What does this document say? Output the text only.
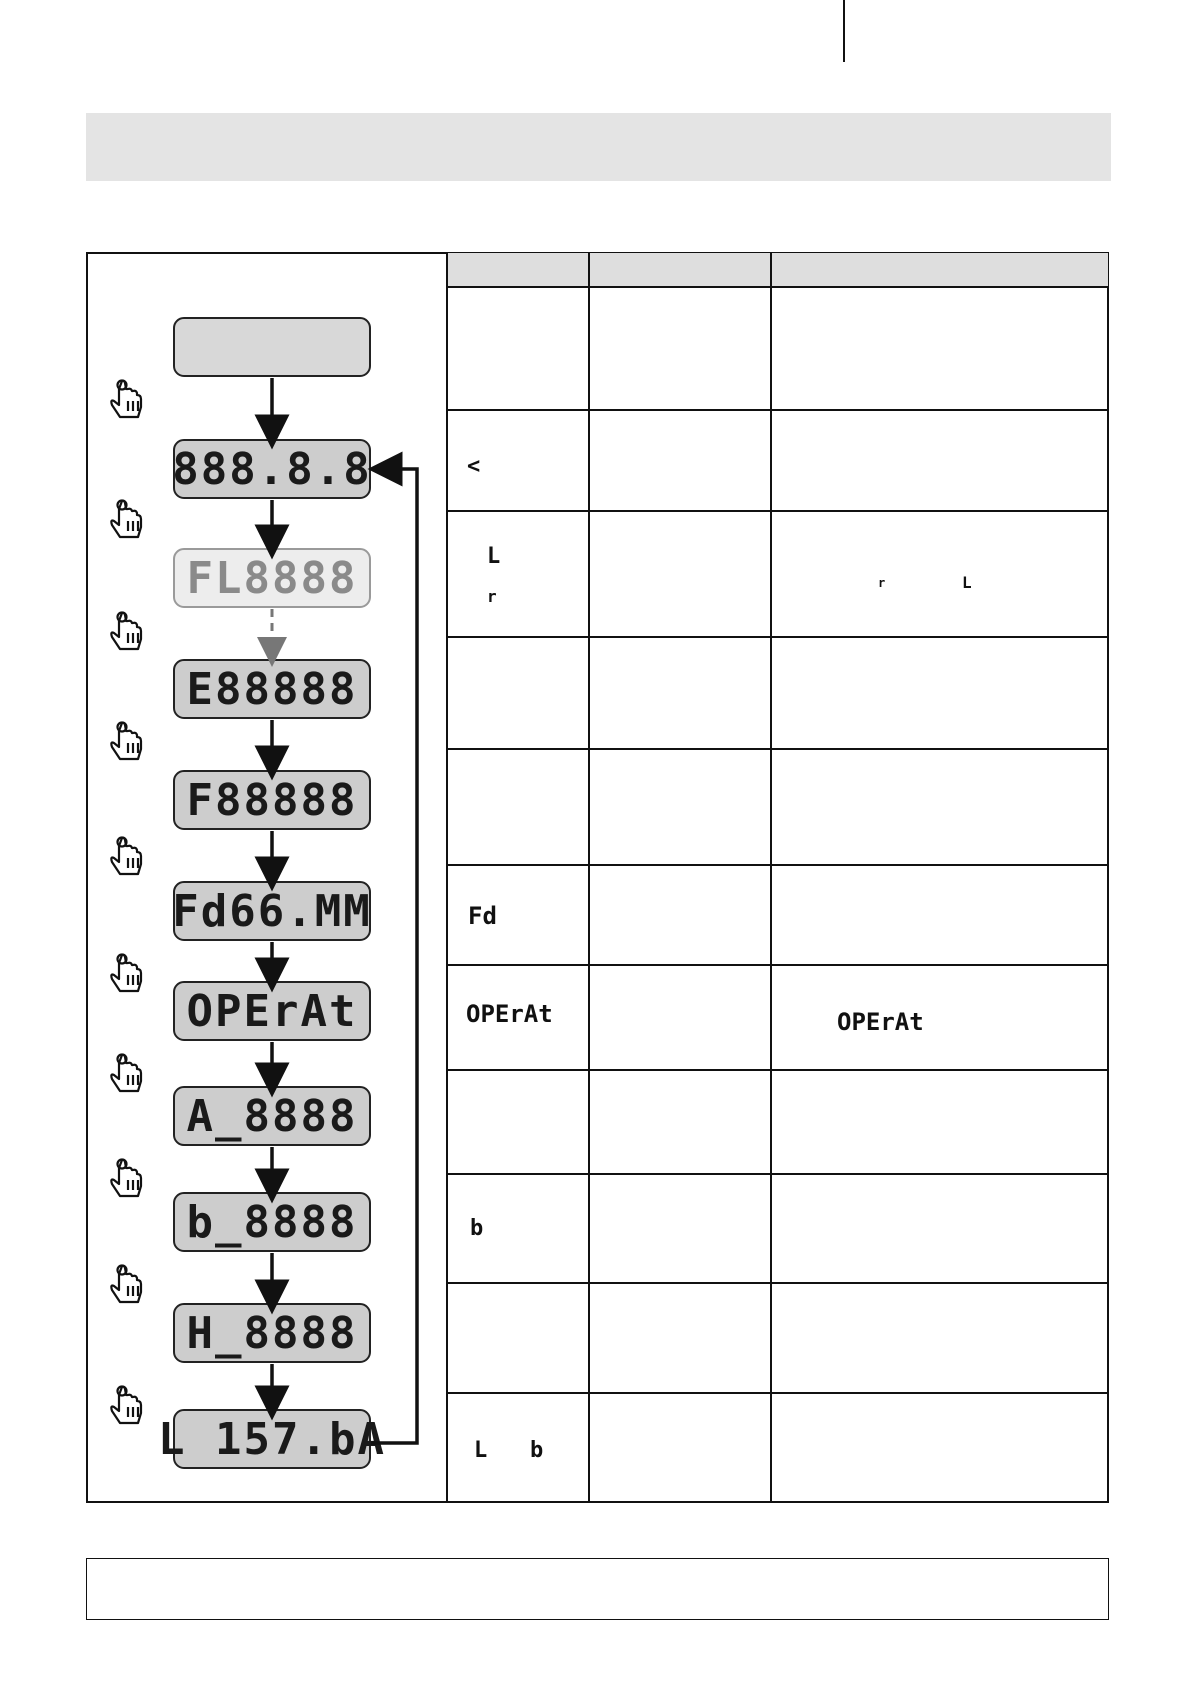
888.8.8
FL8888
E88888
F88888
Fd66.MM
OPErAt
A_8888
b_8888
H_8888
L 157.bA
<
L
r
r	L
Fd
OPErAt	OPErAt
b
L b
